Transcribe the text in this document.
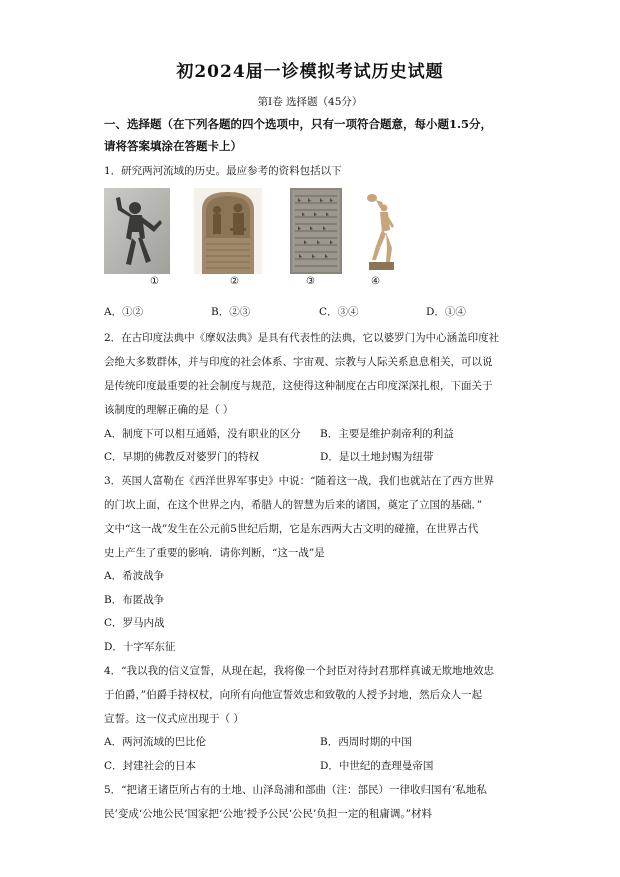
初2024届一诊模拟考试历史试题
第Ⅰ卷 选择题（45分）
一、选择题（在下列各题的四个选项中，只有一项符合题意，每小题1.5分，
请将答案填涂在答题卡上）
1．研究两河流域的历史。最应参考的资料包括以下
①	②	③	④
A．①②	B．②③	C．③④	D．①④
2．在古印度法典中《摩奴法典》是具有代表性的法典，它以婆罗门为中心涵盖印度社
会绝大多数群体，并与印度的社会体系、宇宙观、宗教与人际关系息息相关，可以说
是传统印度最重要的社会制度与规范，这使得这种制度在古印度深深扎根，下面关于
该制度的理解正确的是（ ）
A．制度下可以相互通婚，没有职业的区分 B．主要是维护刹帝利的利益
C．早期的佛教反对婆罗门的特权	D．是以土地封赐为纽带
3．英国人富勒在《西洋世界军事史》中说：“随着这一战，我们也就站在了西方世界
的门坎上面，在这个世界之内，希腊人的智慧为后来的诸国，奠定了立国的基础．”
文中“这一战”发生在公元前5世纪后期，它是东西两大古文明的碰撞，在世界古代
史上产生了重要的影响．请你判断，“这一战”是
A．希波战争
B．布匿战争
C．罗马内战
D．十字军东征
4．“我以我的信义宣誓，从现在起，我将像一个封臣对待封君那样真诚无欺地地效忠
于伯爵，”伯爵手持权杖，向所有向他宣誓效忠和致敬的人授予封地，然后众人一起
宣誓。这一仪式应出现于（ ）
A．两河流域的巴比伦	B．西周时期的中国
C．封建社会的日本	D．中世纪的查理曼帝国
5．“把诸王诸臣所占有的土地、山泽岛浦和部曲（注：部民）一律收归国有‘私地私
民’变成‘公地公民’国家把‘公地’授予公民‘公民’负担一定的租庸调。”材料
